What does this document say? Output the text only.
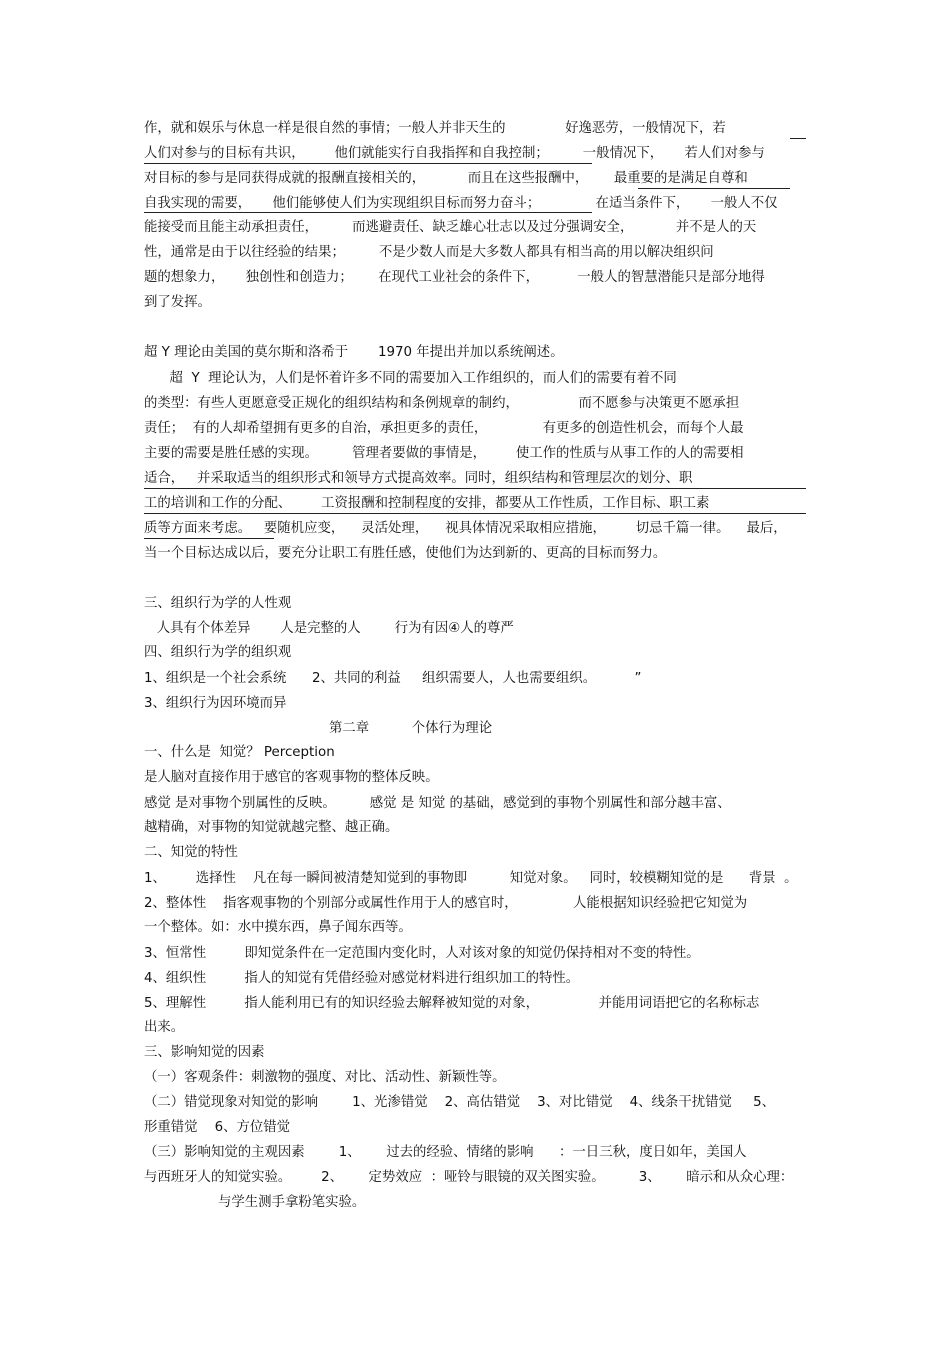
作，就和娱乐与休息一样是很自然的事情；一般人并非天生的              好逸恶劳，一般情况下，若
人们对参与的目标有共识，       他们就能实行自我指挥和自我控制；        一般情况下，     若人们对参与
对目标的参与是同获得成就的报酬直接相关的，          而且在这些报酬中，      最重要的是满足自尊和
自我实现的需要，     他们能够使人们为实现组织目标而努力奋斗；             在适当条件下，     一般人不仅
能接受而且能主动承担责任，        而逃避责任、缺乏雄心壮志以及过分强调安全，          并不是人的天
性，通常是由于以往经验的结果；        不是少数人而是大多数人都具有相当高的用以解决组织问
题的想象力，     独创性和创造力；      在现代工业社会的条件下，         一般人的智慧潜能只是部分地得
到了发挥。
超 Y 理论由美国的莫尔斯和洛希于       1970 年提出并加以系统阐述。
超  Y  理论认为，人们是怀着许多不同的需要加入工作组织的，而人们的需要有着不同
的类型：有些人更愿意受正规化的组织结构和条例规章的制约，              而不愿参与决策更不愿承担
责任；  有的人却希望拥有更多的自治，承担更多的责任，             有更多的创造性机会，而每个人最
主要的需要是胜任感的实现。        管理者要做的事情是，       使工作的性质与从事工作的人的需要相
适合，   并采取适当的组织形式和领导方式提高效率。同时，组织结构和管理层次的划分、职
工的培训和工作的分配、       工资报酬和控制程度的安排，都要从工作性质，工作目标、职工素
质等方面来考虑。   要随机应变，    灵活处理，    视具体情况采取相应措施，       切忌千篇一律。    最后，
当一个目标达成以后，要充分让职工有胜任感，使他们为达到新的、更高的目标而努力。
三、组织行为学的人性观
人具有个体差异       人是完整的人        行为有因④人的尊严
四、组织行为学的组织观
1、组织是一个社会系统      2、共同的利益     组织需要人，人也需要组织。         ”
3、组织行为因环境而异
第二章          个体行为理论
一、什么是  知觉？ Perception
是人脑对直接作用于感官的客观事物的整体反映。
感觉 是对事物个别属性的反映。        感觉 是 知觉 的基础，感觉到的事物个别属性和部分越丰富、
越精确，对事物的知觉就越完整、越正确。
二、知觉的特性
1、       选择性    凡在每一瞬间被清楚知觉到的事物即          知觉对象。   同时，较模糊知觉的是      背景  。
2、整体性    指客观事物的个别部分或属性作用于人的感官时，             人能根据知识经验把它知觉为
一个整体。如：水中摸东西，鼻子闻东西等。
3、恒常性         即知觉条件在一定范围内变化时，人对该对象的知觉仍保持相对不变的特性。
4、组织性         指人的知觉有凭借经验对感觉材料进行组织加工的特性。
5、理解性         指人能利用已有的知识经验去解释被知觉的对象，              并能用词语把它的名称标志
出来。
三、影响知觉的因素
（一）客观条件：刺激物的强度、对比、活动性、新颖性等。
（二）错觉现象对知觉的影响        1、光渗错觉    2、高估错觉    3、对比错觉    4、线条干扰错觉     5、
形重错觉    6、方位错觉
（三）影响知觉的主观因素        1、      过去的经验、情绪的影响      ：一日三秋，度日如年，美国人
与西班牙人的知觉实验。       2、      定势效应  ：哑铃与眼镜的双关图实验。        3、      暗示和从众心理：
与学生测手拿粉笔实验。
